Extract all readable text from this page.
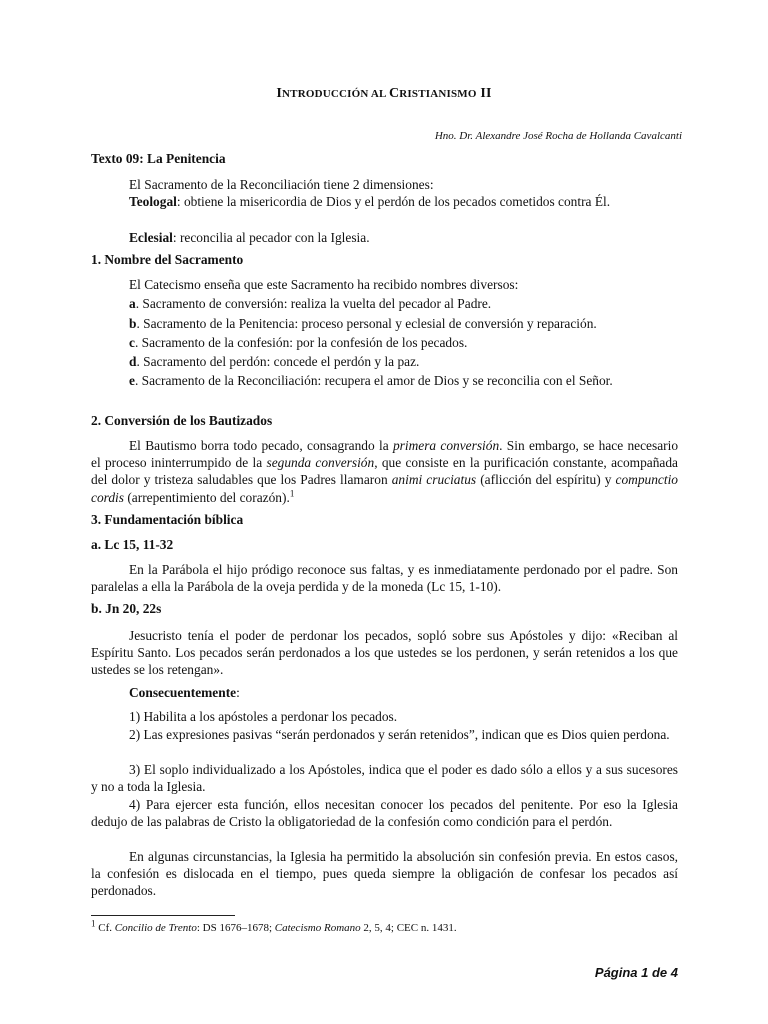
INTRODUCCIÓN AL CRISTIANISMO II
Hno. Dr. Alexandre José Rocha de Hollanda Cavalcanti
Texto 09: La Penitencia
El Sacramento de la Reconciliación tiene 2 dimensiones:
Teologal: obtiene la misericordia de Dios y el perdón de los pecados cometidos contra Él.
Eclesial: reconcilia al pecador con la Iglesia.
1. Nombre del Sacramento
El Catecismo enseña que este Sacramento ha recibido nombres diversos:
a. Sacramento de conversión: realiza la vuelta del pecador al Padre.
b. Sacramento de la Penitencia: proceso personal y eclesial de conversión y reparación.
c. Sacramento de la confesión: por la confesión de los pecados.
d. Sacramento del perdón: concede el perdón y la paz.
e. Sacramento de la Reconciliación: recupera el amor de Dios y se reconcilia con el Señor.
2. Conversión de los Bautizados
El Bautismo borra todo pecado, consagrando la primera conversión. Sin embargo, se hace necesario el proceso ininterrumpido de la segunda conversión, que consiste en la purificación constante, acompañada del dolor y tristeza saludables que los Padres llamaron animi cruciatus (aflicción del espíritu) y compunctio cordis (arrepentimiento del corazón).$^1$
3. Fundamentación bíblica
a. Lc 15, 11-32
En la Parábola el hijo pródigo reconoce sus faltas, y es inmediatamente perdonado por el padre. Son paralelas a ella la Parábola de la oveja perdida y de la moneda (Lc 15, 1-10).
b. Jn 20, 22s
Jesucristo tenía el poder de perdonar los pecados, sopló sobre sus Apóstoles y dijo: «Reciban al Espíritu Santo. Los pecados serán perdonados a los que ustedes se los perdonen, y serán retenidos a los que ustedes se los retengan».
Consecuentemente:
1) Habilita a los apóstoles a perdonar los pecados.
2) Las expresiones pasivas “serán perdonados y serán retenidos”, indican que es Dios quien perdona.
3) El soplo individualizado a los Apóstoles, indica que el poder es dado sólo a ellos y a sus sucesores y no a toda la Iglesia.
4) Para ejercer esta función, ellos necesitan conocer los pecados del penitente. Por eso la Iglesia dedujo de las palabras de Cristo la obligatoriedad de la confesión como condición para el perdón.
En algunas circunstancias, la Iglesia ha permitido la absolución sin confesión previa. En estos casos, la confesión es dislocada en el tiempo, pues queda siempre la obligación de confesar los pecados así perdonados.
$^1$ Cf. Concilio de Trento: DS 1676–1678; Catecismo Romano 2, 5, 4; CEC n. 1431.
Página 1 de 4
